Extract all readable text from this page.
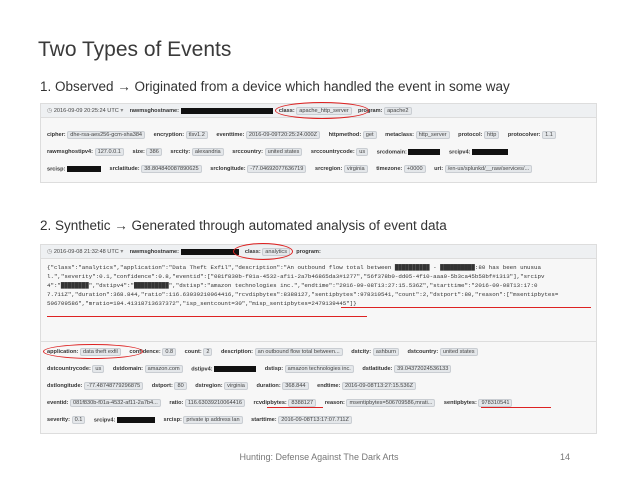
Two Types of Events
1. Observed → Originated from a device which handled the event in some way
◷ 2016-09-09 20:25:24 UTC ▾ rawmsghostname:	class: apache_http_server program: apache2
cipher: dhe-rsa-aes256-gcm-sha384 encryption: tlsv1.2 eventtime: 2016-09-09T20:25:24.000Z httpmethod: get metaclass: http_server protocol: http protocolver: 1.1
rawmsghostipv4: 127.0.0.1 size: 386 srccity: alexandria srccountry: united states srccountrycode: us srcdomain:	srcipv4:
srcisp:	srclatitude: 38.804840087890625 srclongitude: -77.04692077636719 srcregion: virginia timezone: +0000 uri: /en-us/splunkd/__raw/services/...
2. Synthetic → Generated through automated analysis of event data
◷ 2016-09-08 21:32:48 UTC ▾ rawmsghostname:	class: analytics program:
{"class":"analytics","application":"Data Theft Exfil","description":"An outbound flow total between ██████████ - ██████████:80 has been unusua
l.","severity":0.1,"confidence":0.8,"eventid":["081f830b-f01a-4532-af11-2a7b46865da3#1277","56f378b0-dd05-4f10-aaa0-5b3ca45b58bf#1313"],"srcipv
4":"████████","dstipv4":"██████████","dstisp":"amazon technologies inc.","endtime":"2016-09-08T13:27:15.536Z","starttime":"2016-09-08T13:17:0
7.711Z","duration":368.844,"ratio":116.63039210064416,"rcvdipbytes":8388127,"sentipbytes":978310541,"count":2,"dstport":80,"reason":["msentipbytes=
506709586","mratio=104.41318713637372","isp_sentcount=30","misp_sentipbytes=2479139445"]}
application: data theft exfil confidence: 0.8 count: 2 description: an outbound flow total between... dstcity: ashburn dstcountry: united states
dstcountrycode: us dstdomain: amazon.com dstipv4:	dstisp: amazon technologies inc. dstlatitude: 39.04372024536133
dstlongitude: -77.48748779296875 dstport: 80 dstregion: virginia duration: 368.844 endtime: 2016-09-08T13:27:15.536Z
eventid: 081f830b-f01a-4532-af11-2a7b4... ratio: 116.63039210064416 rcvdipbytes: 8388127 reason: msentipbytes=506709586,mrati... sentipbytes: 978310541
severity: 0.1 srcipv4:	srcisp: private ip address lan starttime: 2016-09-08T13:17:07.711Z
Hunting: Defense Against The Dark Arts	14
